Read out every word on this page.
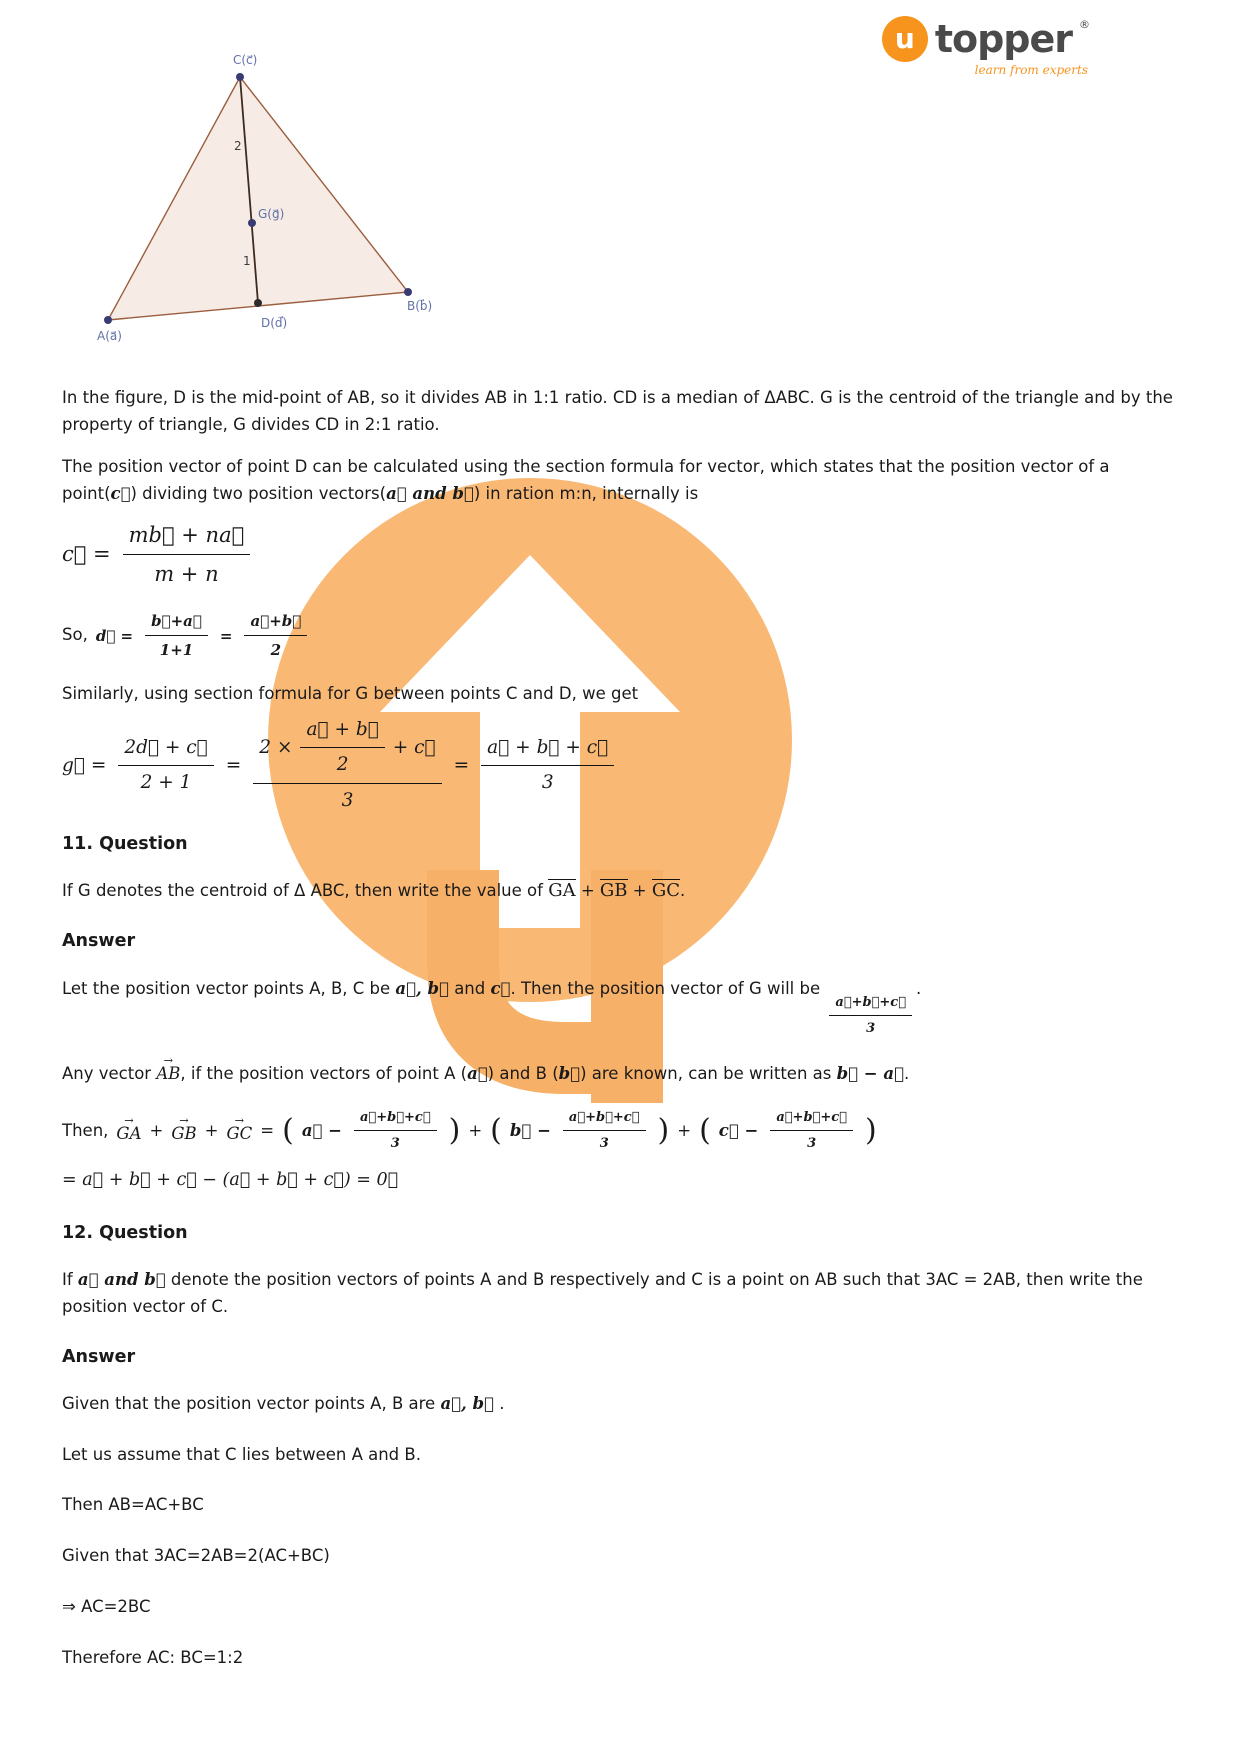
u topper ®
learn from experts
C(c⃗)
2
G(g⃗)
1
D(d⃗)
B(b⃗)
A(a⃗)

In the figure, D is the mid-point of AB, so it divides AB in 1:1 ratio. CD is a median of ΔABC. G is the centroid of the triangle and by the property of triangle, G divides CD in 2:1 ratio.

The position vector of point D can be calculated using the section formula for vector, which states that the position vector of a point(c⃗) dividing two position vectors(a⃗ and b⃗) in ration m:n, internally is

c⃗ = $\frac{mb⃗ + na⃗}{m + n}$
So, d⃗ = $\frac{b⃗+a⃗}{1+1} = \frac{a⃗+b⃗}{2}$

Similarly, using section formula for G between points C and D, we get

g⃗ = $\frac{2d⃗ + c⃗}{2 + 1}$ =
$2 \times \frac{a⃗ + b⃗}{2}$ + c⃗
3
= $\frac{a⃗ + b⃗ + c⃗}{3}$
11. Question

If G denotes the centroid of Δ ABC, then write the value of GA + GB + GC.

Answer

Let the position vector points A, B, C be a⃗, b⃗ and c⃗. Then the position vector of G will be
$\frac{a⃗+b⃗+c⃗}{3}$
.

Any vector → AB, if the position vectors of point A (a⃗) and B (b⃗) are known, can be written as b⃗ − a⃗.

Then, → GA + → GB + → GC = ( a⃗ − $\frac{a⃗+b⃗+c⃗}{3}$ ) + ( b⃗ − $\frac{a⃗+b⃗+c⃗}{3}$ ) + ( c⃗ − $\frac{a⃗+b⃗+c⃗}{3}$ )

= a⃗ + b⃗ + c⃗ − (a⃗ + b⃗ + c⃗) = 0⃗

12. Question

If a⃗ and b⃗ denote the position vectors of points A and B respectively and C is a point on AB such that 3AC = 2AB, then write the position vector of C.

Answer

Given that the position vector points A, B are a⃗, b⃗ .

Let us assume that C lies between A and B.

Then AB=AC+BC

Given that 3AC=2AB=2(AC+BC)

⇒ AC=2BC

Therefore AC: BC=1:2
